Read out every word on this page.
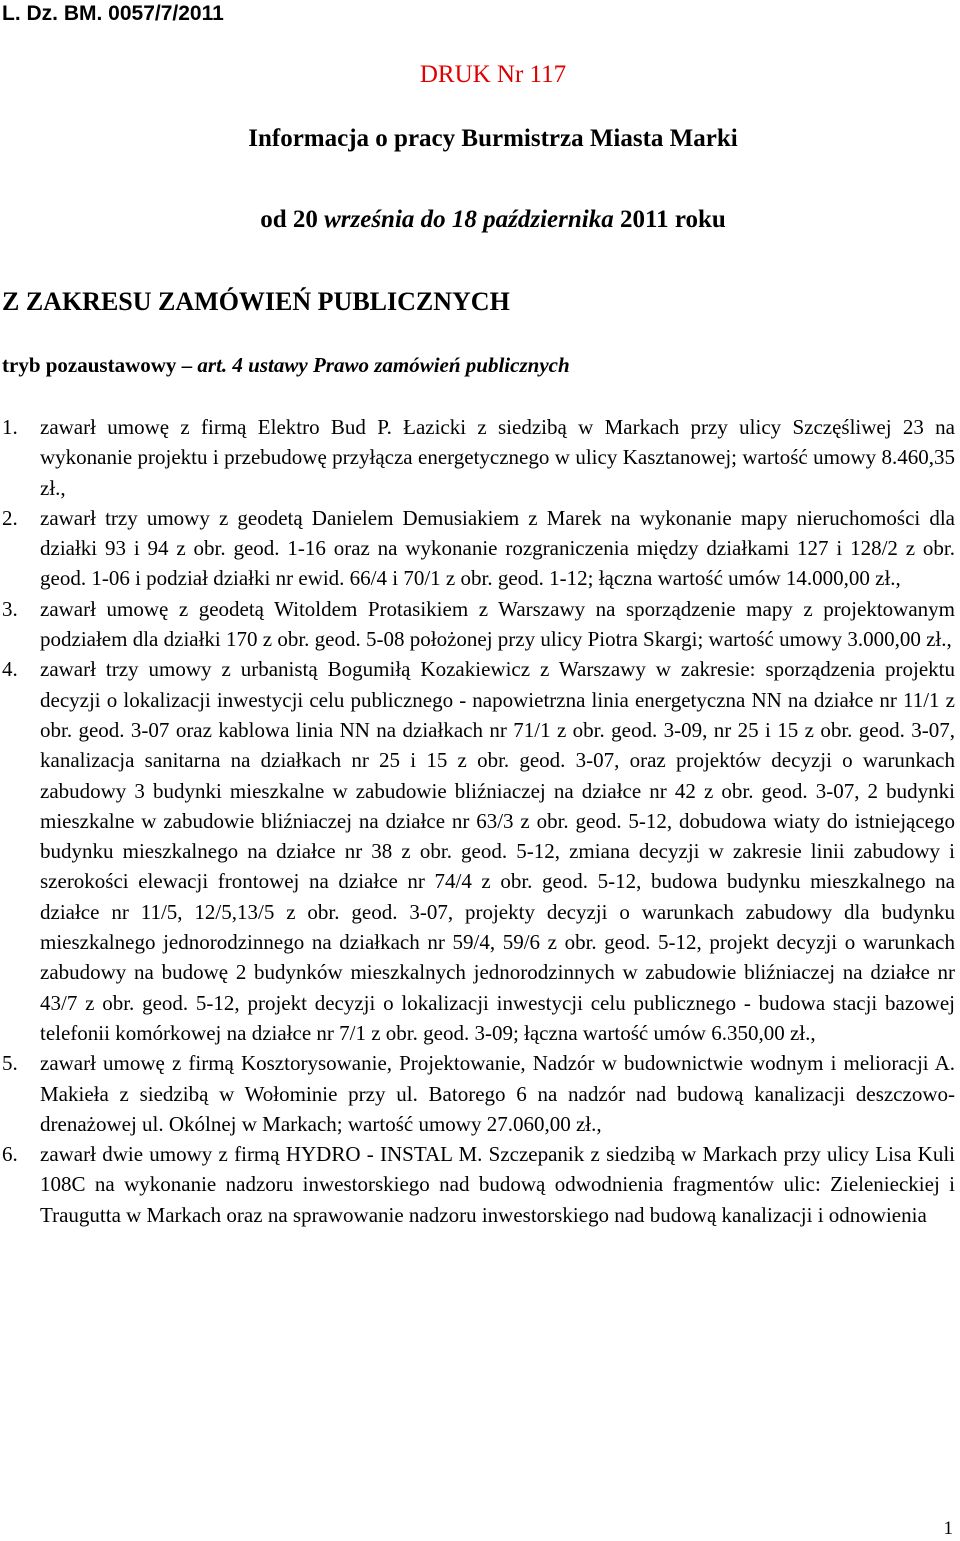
L. Dz. BM. 0057/7/2011
DRUK Nr 117
Informacja o pracy Burmistrza Miasta Marki
od 20 września do 18 października 2011 roku
Z ZAKRESU ZAMÓWIEŃ PUBLICZNYCH
tryb pozaustawowy – art. 4 ustawy Prawo zamówień publicznych
1. zawarł umowę z firmą Elektro Bud P. Łazicki z siedzibą w Markach przy ulicy Szczęśliwej 23 na wykonanie projektu i przebudowę przyłącza energetycznego w ulicy Kasztanowej; wartość umowy 8.460,35 zł.,
2. zawarł trzy umowy z geodetą Danielem Demusiakiem z Marek na wykonanie mapy nieruchomości dla działki 93 i 94 z obr. geod. 1-16 oraz na wykonanie rozgraniczenia między działkami 127 i 128/2 z obr. geod. 1-06 i podział działki nr ewid. 66/4 i 70/1 z obr. geod. 1-12; łączna wartość umów 14.000,00 zł.,
3. zawarł umowę z geodetą Witoldem Protasikiem z Warszawy na sporządzenie mapy z projektowanym podziałem dla działki 170 z obr. geod. 5-08 położonej przy ulicy Piotra Skargi; wartość umowy 3.000,00 zł.,
4. zawarł trzy umowy z urbanistą Bogumiłą Kozakiewicz z Warszawy w zakresie: sporządzenia projektu decyzji o lokalizacji inwestycji celu publicznego - napowietrzna linia energetyczna NN na działce nr 11/1 z obr. geod. 3-07 oraz kablowa linia NN na działkach nr 71/1 z obr. geod. 3-09, nr 25 i 15 z obr. geod. 3-07, kanalizacja sanitarna na działkach nr 25 i 15 z obr. geod. 3-07, oraz projektów decyzji o warunkach zabudowy 3 budynki mieszkalne w zabudowie bliźniaczej na działce nr 42 z obr. geod. 3-07, 2 budynki mieszkalne w zabudowie bliźniaczej na działce nr 63/3 z obr. geod. 5-12, dobudowa wiaty do istniejącego budynku mieszkalnego na działce nr 38 z obr. geod. 5-12, zmiana decyzji w zakresie linii zabudowy i szerokości elewacji frontowej na działce nr 74/4 z obr. geod. 5-12, budowa budynku mieszkalnego na działce nr 11/5, 12/5,13/5 z obr. geod. 3-07, projekty decyzji o warunkach zabudowy dla budynku mieszkalnego jednorodzinnego na działkach nr 59/4, 59/6 z obr. geod. 5-12, projekt decyzji o warunkach zabudowy na budowę 2 budynków mieszkalnych jednorodzinnych w zabudowie bliźniaczej na działce nr 43/7 z obr. geod. 5-12, projekt decyzji o lokalizacji inwestycji celu publicznego - budowa stacji bazowej telefonii komórkowej na działce nr 7/1 z obr. geod. 3-09; łączna wartość umów 6.350,00 zł.,
5. zawarł umowę z firmą Kosztorysowanie, Projektowanie, Nadzór w budownictwie wodnym i melioracji A. Makieła z siedzibą w Wołominie przy ul. Batorego 6 na nadzór nad budową kanalizacji deszczowo-drenażowej ul. Okólnej w Markach; wartość umowy 27.060,00 zł.,
6. zawarł dwie umowy z firmą HYDRO - INSTAL M. Szczepanik z siedzibą w Markach przy ulicy Lisa Kuli 108C na wykonanie nadzoru inwestorskiego nad budową odwodnienia fragmentów ulic: Zielenieckiej i Traugutta w Markach oraz na sprawowanie nadzoru inwestorskiego nad budową kanalizacji i odnowienia
1
